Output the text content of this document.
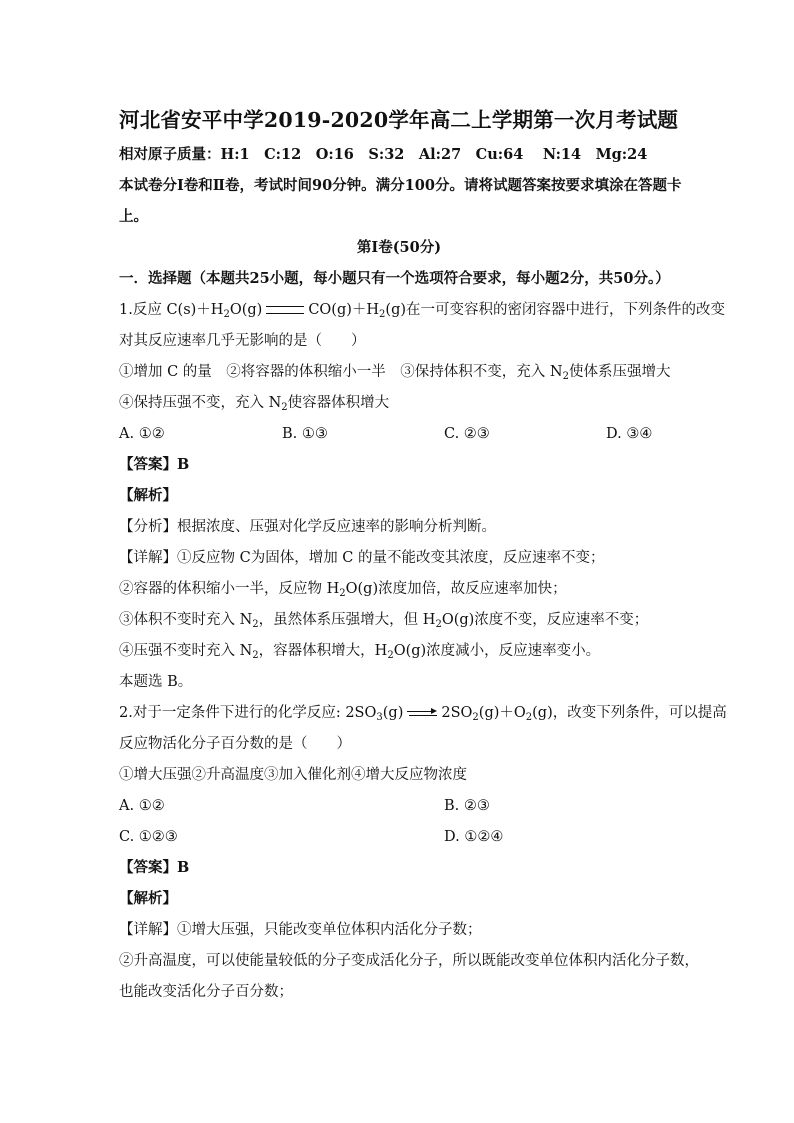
河北省安平中学2019-2020学年高二上学期第一次月考试题
相对原子质量：H:1　C:12　O:16　S:32　Al:27　Cu:64　 N:14　Mg:24
本试卷分Ⅰ卷和Ⅱ卷，考试时间90分钟。满分100分。请将试题答案按要求填涂在答题卡
上。
第Ⅰ卷(50分)
一．选择题（本题共25小题，每小题只有一个选项符合要求，每小题2分，共50分。）
1.反应 $C(s)+H_2O(g)$	$CO(g)+H_2(g)$在一可变容积的密闭容器中进行，下列条件的改变
对其反应速率几乎无影响的是（　　）
①增加 C 的量　②将容器的体积缩小一半　③保持体积不变，充入 $N_2$使体系压强增大
④保持压强不变，充入 $N_2$使容器体积增大
A. ①②	B. ①③	C. ②③	D. ③④
【答案】B
【解析】
【分析】根据浓度、压强对化学反应速率的影响分析判断。
【详解】①反应物 C为固体，增加 C 的量不能改变其浓度，反应速率不变；
②容器的体积缩小一半，反应物 $H_2O(g)$浓度加倍，故反应速率加快；
③体积不变时充入 $N_2$，虽然体系压强增大，但 $H_2O(g)$浓度不变，反应速率不变；
④压强不变时充入 $N_2$，容器体积增大，$H_2O(g)$浓度减小，反应速率变小。
本题选 B。
2.对于一定条件下进行的化学反应: $2SO_3(g)$	$2SO_2(g)+O_2(g)$，改变下列条件，可以提高
反应物活化分子百分数的是（　　）
①增大压强②升高温度③加入催化剂④增大反应物浓度
A. ①②	B. ②③
C. ①②③	D. ①②④
【答案】B
【解析】
【详解】①增大压强，只能改变单位体积内活化分子数；
②升高温度，可以使能量较低的分子变成活化分子，所以既能改变单位体积内活化分子数，
也能改变活化分子百分数；
